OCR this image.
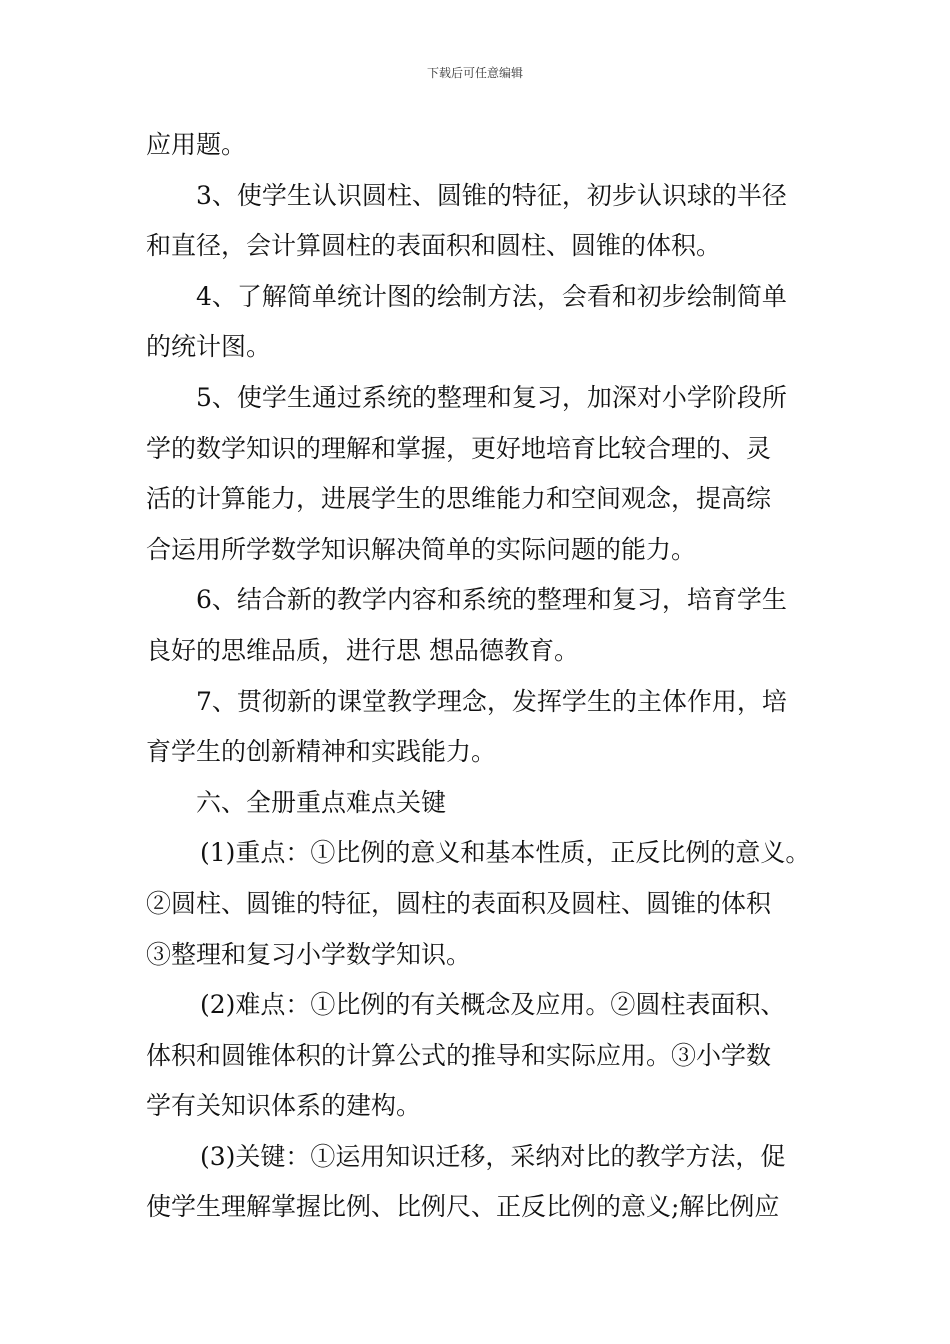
下载后可任意编辑
应用题。
3、使学生认识圆柱、圆锥的特征，初步认识球的半径
和直径，会计算圆柱的表面积和圆柱、圆锥的体积。
4、了解简单统计图的绘制方法，会看和初步绘制简单
的统计图。
5、使学生通过系统的整理和复习，加深对小学阶段所
学的数学知识的理解和掌握，更好地培育比较合理的、灵
活的计算能力，进展学生的思维能力和空间观念，提高综
合运用所学数学知识解决简单的实际问题的能力。
6、结合新的教学内容和系统的整理和复习，培育学生
良好的思维品质，进行思 想品德教育。
7、贯彻新的课堂教学理念，发挥学生的主体作用，培
育学生的创新精神和实践能力。
六、全册重点难点关键
(1)重点：①比例的意义和基本性质，正反比例的意义。
②圆柱、圆锥的特征，圆柱的表面积及圆柱、圆锥的体积
③整理和复习小学数学知识。
(2)难点：①比例的有关概念及应用。②圆柱表面积、
体积和圆锥体积的计算公式的推导和实际应用。③小学数
学有关知识体系的建构。
(3)关键：①运用知识迁移，采纳对比的教学方法，促
使学生理解掌握比例、比例尺、正反比例的意义;解比例应
